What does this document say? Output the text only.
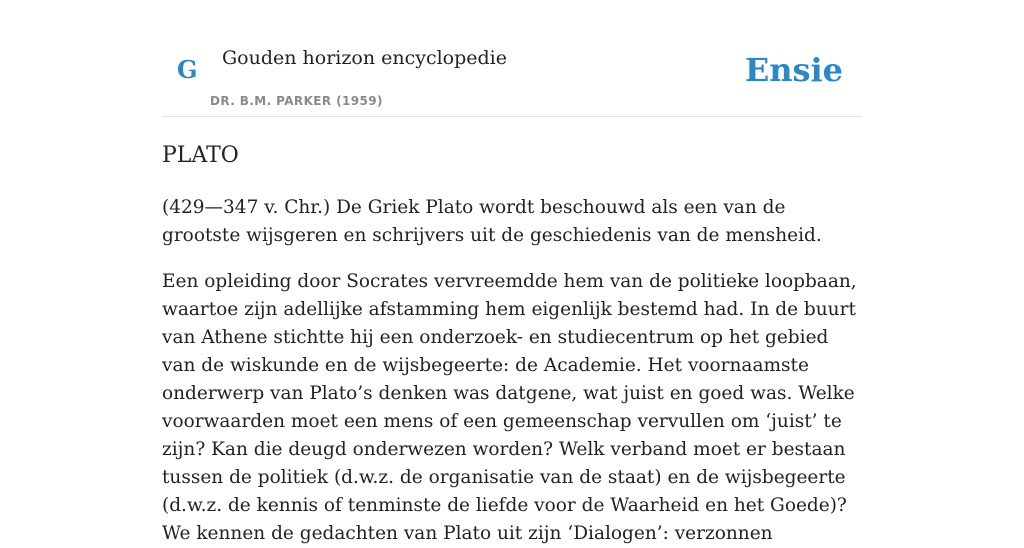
G Gouden horizon encyclopedie
DR. B.M. PARKER (1959)
Ensie
PLATO

(429—347 v. Chr.) De Griek Plato wordt beschouwd als een van de grootste wijsgeren en schrijvers uit de geschiedenis van de mensheid.

Een opleiding door Socrates vervreemdde hem van de politieke loopbaan, waartoe zijn adellijke afstamming hem eigenlijk bestemd had. In de buurt van Athene stichtte hij een onderzoek- en studiecentrum op het gebied van de wiskunde en de wijsbegeerte: de Academie. Het voornaamste onderwerp van Plato’s denken was datgene, wat juist en goed was. Welke voorwaarden moet een mens of een gemeenschap vervullen om ‘juist’ te zijn? Kan die deugd onderwezen worden? Welk verband moet er bestaan tussen de politiek (d.w.z. de organisatie van de staat) en de wijsbegeerte (d.w.z. de kennis of tenminste de liefde voor de Waarheid en het Goede)?We kennen de gedachten van Plato uit zijn ‘Dialogen’: verzonnen
